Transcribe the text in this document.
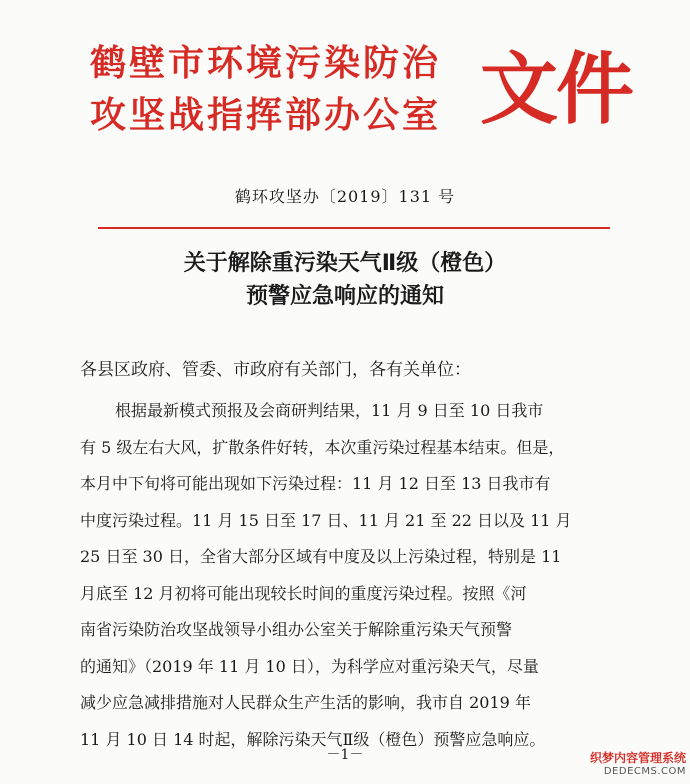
鹤壁市环境污染防治
攻坚战指挥部办公室 文件
鹤环攻坚办〔2019〕131 号
关于解除重污染天气Ⅱ级（橙色）
预警应急响应的通知
各县区政府、管委、市政府有关部门，各有关单位：
根据最新模式预报及会商研判结果，11 月 9 日至 10 日我市
有 5 级左右大风，扩散条件好转，本次重污染过程基本结束。但是，
本月中下旬将可能出现如下污染过程：11 月 12 日至 13 日我市有
中度污染过程。11 月 15 日至 17 日、11 月 21 至 22 日以及 11 月
25 日至 30 日，全省大部分区域有中度及以上污染过程，特别是 11
月底至 12 月初将可能出现较长时间的重度污染过程。按照《河
南省污染防治攻坚战领导小组办公室关于解除重污染天气预警
的通知》（2019 年 11 月 10 日），为科学应对重污染天气，尽量
减少应急减排措施对人民群众生产生活的影响，我市自 2019 年
11 月 10 日 14 时起，解除污染天气Ⅱ级（橙色）预警应急响应。
－1－	织梦内容管理系统
DEDECMS.COM
